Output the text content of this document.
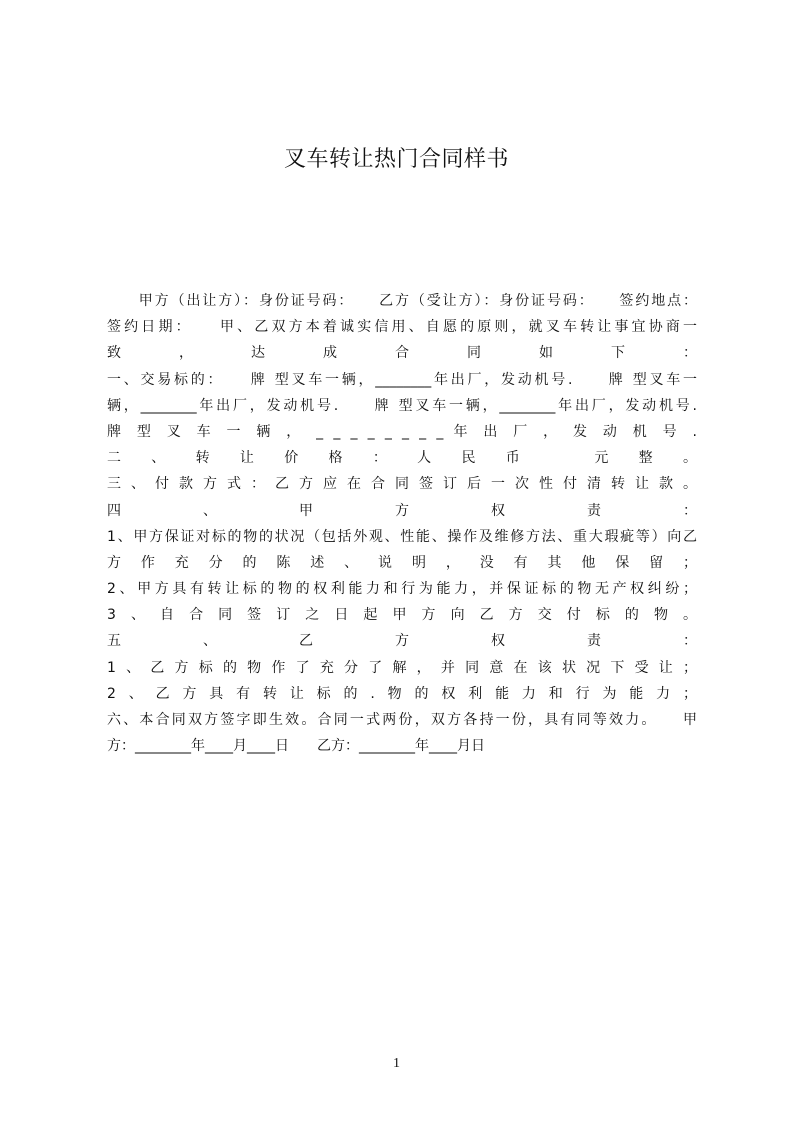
叉车转让热门合同样书
　　甲方（出让方）：身份证号码：　　乙方（受让方）：身份证号码：　　签约地点：
签约日期：　　甲、乙双方本着诚实信用、自愿的原则，就叉车转让事宜协商一
致 ， 达 成 合 同 如 下 ：
一、交易标的：　　牌 型叉车一辆，________年出厂，发动机号.　　牌 型叉车一
辆，________年出厂，发动机号.　　牌 型叉车一辆，________年出厂，发动机号.
牌 型 叉 车 一 辆 ， _ _ _ _ _ _ _ _ 年 出 厂 ， 发 动 机 号 .
二 、 转 让 价 格 ： 人 民 币 　 元 整 。
三、付款方式：乙方应在合同签订后一次性付清转让款。
四 、 甲 方 权 责 ：
1、甲方保证对标的物的状况（包括外观、性能、操作及维修方法、重大瑕疵等）向乙
方 作 充 分 的 陈 述 、 说 明 ， 没 有 其 他 保 留 ；
2、甲方具有转让标的物的权利能力和行为能力，并保证标的物无产权纠纷；
3、自合同签订之日起甲方向乙方交付标的物。
五 、 乙 方 权 责 ：
1、乙方标的物作了充分了解，并同意在该状况下受让；
2、乙方具有转让标的.物的权利能力和行为能力；
六、本合同双方签字即生效。合同一式两份，双方各持一份，具有同等效力。　　甲
方：________年____月____日　　乙方：________年____月日
1
